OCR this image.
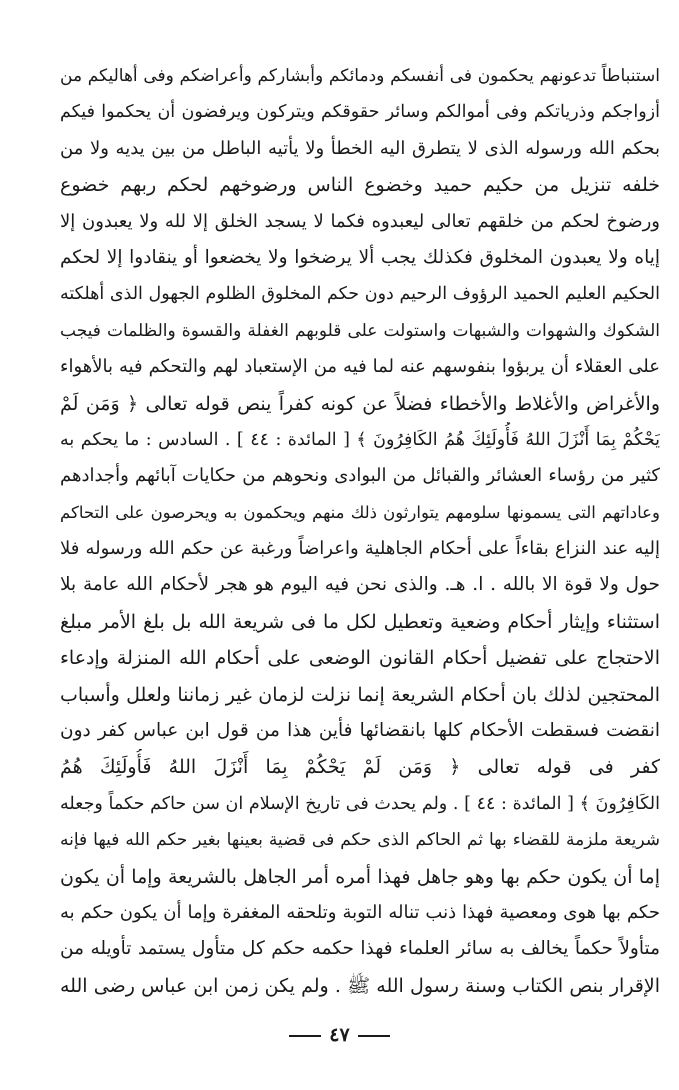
استنباطاً تدعونهم يحكمون فى أنفسكم ودمائكم وأبشاركم وأعراضكم وفى أهاليكم من
أزواجكم وذرياتكم وفى أموالكم وسائر حقوقكم ويتركون ويرفضون أن يحكموا فيكم
بحكم الله ورسوله الذى لا يتطرق اليه الخطأ ولا يأتيه الباطل من بين يديه ولا من
خلفه تنزيل من حكيم حميد وخضوع الناس ورضوخهم لحكم ربهم خضوع
ورضوخ لحكم من خلقهم تعالى ليعبدوه فكما لا يسجد الخلق إلا لله ولا يعبدون إلا
إياه ولا يعبدون المخلوق فكذلك يجب ألا يرضخوا ولا يخضعوا أو ينقادوا إلا لحكم
الحكيم العليم الحميد الرؤوف الرحيم دون حكم المخلوق الظلوم الجهول الذى أهلكته
الشكوك والشهوات والشبهات واستولت على قلوبهم الغفلة والقسوة والظلمات فيجب
على العقلاء أن يربؤوا بنفوسهم عنه لما فيه من الإستعباد لهم والتحكم فيه بالأهواء
والأغراض والأغلاط والأخطاء فضلاً عن كونه كفراً ينص قوله تعالى ﴿ وَمَن لَمْ
يَحْكُمْ بِمَا أَنْزَلَ اللهُ فَأُولَئِكَ هُمُ الكَافِرُونَ ﴾ [ المائدة : ٤٤ ] . السادس : ما يحكم به
كثير من رؤساء العشائر والقبائل من البوادى ونحوهم من حكايات آبائهم وأجدادهم
وعاداتهم التى يسمونها سلومهم يتوارثون ذلك منهم ويحكمون به ويحرصون على التحاكم
إليه عند النزاع بقاءاً على أحكام الجاهلية واعراضاً ورغبة عن حكم الله ورسوله فلا
حول ولا قوة الا بالله . ا. هـ. والذى نحن فيه اليوم هو هجر لأحكام الله عامة بلا
استثناء وإيثار أحكام وضعية وتعطيل لكل ما فى شريعة الله بل بلغ الأمر مبلغ
الاحتجاج على تفضيل أحكام القانون الوضعى على أحكام الله المنزلة وإدعاء
المحتجين لذلك بان أحكام الشريعة إنما نزلت لزمان غير زماننا ولعلل وأسباب
انقضت فسقطت الأحكام كلها بانقضائها فأين هذا من قول ابن عباس كفر دون
كفر فى قوله تعالى ﴿ وَمَن لَمْ يَحْكُمْ بِمَا أَنْزَلَ اللهُ فَأُولَئِكَ هُمُ
الكَافِرُونَ ﴾ [ المائدة : ٤٤ ] . ولم يحدث فى تاريخ الإسلام ان سن حاكم حكماً وجعله
شريعة ملزمة للقضاء بها ثم الحاكم الذى حكم فى قضية بعينها بغير حكم الله فيها فإنه
إما أن يكون حكم بها وهو جاهل فهذا أمره أمر الجاهل بالشريعة وإما أن يكون
حكم بها هوى ومعصية فهذا ذنب تناله التوبة وتلحقه المغفرة وإما أن يكون حكم به
متأولاً حكماً يخالف به سائر العلماء فهذا حكمه حكم كل متأول يستمد تأويله من
الإقرار بنص الكتاب وسنة رسول الله ﷺ . ولم يكن زمن ابن عباس رضى الله
٤٧
